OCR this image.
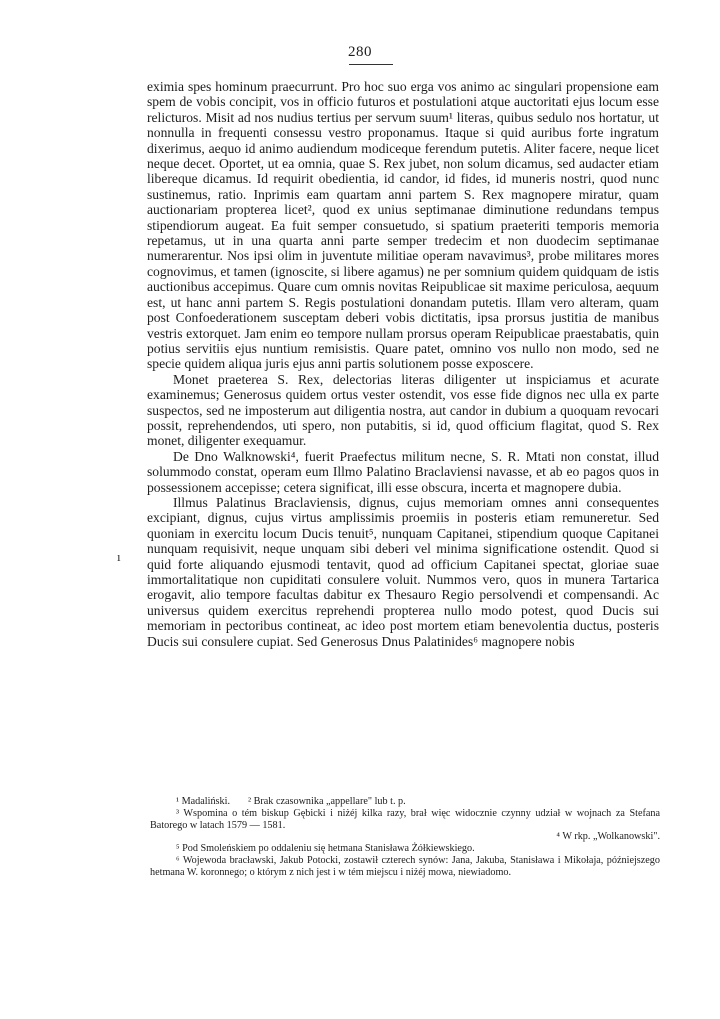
280
ı

eximia spes hominum praecurrunt. Pro hoc suo erga vos animo ac singulari propensione eam spem de vobis concipit, vos in officio futuros et postulationi atque auctoritati ejus locum esse relicturos. Misit ad nos nudius tertius per servum suum¹ literas, quibus sedulo nos hortatur, ut nonnulla in frequenti consessu vestro proponamus. Itaque si quid auribus forte ingratum dixerimus, aequo id animo audiendum modiceque ferendum putetis. Aliter facere, neque licet neque decet. Oportet, ut ea omnia, quae S. Rex jubet, non solum dicamus, sed audacter etiam libereque dicamus. Id requirit obedientia, id candor, id fides, id muneris nostri, quod nunc sustinemus, ratio. Inprimis eam quartam anni partem S. Rex magnopere miratur, quam auctionariam propterea licet², quod ex unius septimanae diminutione redundans tempus stipendiorum augeat. Ea fuit semper consuetudo, si spatium praeteriti temporis memoria repetamus, ut in una quarta anni parte semper tredecim et non duodecim septimanae numerarentur. Nos ipsi olim in juventute militiae operam navavimus³, probe militares mores cognovimus, et tamen (ignoscite, si libere agamus) ne per somnium quidem quidquam de istis auctionibus accepimus. Quare cum omnis novitas Reipublicae sit maxime periculosa, aequum est, ut hanc anni partem S. Regis postulationi donandam putetis. Illam vero alteram, quam post Confoederationem susceptam deberi vobis dictitatis, ipsa prorsus justitia de manibus vestris extorquet. Jam enim eo tempore nullam prorsus operam Reipublicae praestabatis, quin potius servitiis ejus nuntium remisistis. Quare patet, omnino vos nullo non modo, sed ne specie quidem aliqua juris ejus anni partis solutionem posse exposcere.

Monet praeterea S. Rex, delectorias literas diligenter ut inspiciamus et acurate examinemus; Generosus quidem ortus vester ostendit, vos esse fide dignos nec ulla ex parte suspectos, sed ne imposterum aut diligentia nostra, aut candor in dubium a quoquam revocari possit, reprehendendos, uti spero, non putabitis, si id, quod officium flagitat, quod S. Rex monet, diligenter exequamur.

De Dno Walknowski⁴, fuerit Praefectus militum necne, S. R. Mtati non constat, illud solummodo constat, operam eum Illmo Palatino Braclaviensi navasse, et ab eo pagos quos in possessionem accepisse; cetera significat, illi esse obscura, incerta et magnopere dubia.

Illmus Palatinus Braclaviensis, dignus, cujus memoriam omnes anni consequentes excipiant, dignus, cujus virtus amplissimis proemiis in posteris etiam remuneretur. Sed quoniam in exercitu locum Ducis tenuit⁵, nunquam Capitanei, stipendium quoque Capitanei nunquam requisivit, neque unquam sibi deberi vel minima significatione ostendit. Quod si quid forte aliquando ejusmodi tentavit, quod ad officium Capitanei spectat, gloriae suae immortalitatique non cupiditati consulere voluit. Nummos vero, quos in munera Tartarica erogavit, alio tempore facultas dabitur ex Thesauro Regio persolvendi et compensandi. Ac universus quidem exercitus reprehendi propterea nullo modo potest, quod Ducis sui memoriam in pectoribus contineat, ac ideo post mortem etiam benevolentia ductus, posteris Ducis sui consulere cupiat. Sed Generosus Dnus Palatinides⁶ magnopere nobis

¹ Madaliński. ² Brak czasownika „appellare" lub t. p.

³ Wspomina o tém biskup Gębicki i niżéj kilka razy, brał więc widocznie czynny udział w wojnach za Stefana Batorego w latach 1579 — 1581.

⁴ W rkp. „Wolkanowski".

⁵ Pod Smoleńskiem po oddaleniu się hetmana Stanisława Żółkiewskiego.

⁶ Wojewoda bracławski, Jakub Potocki, zostawił czterech synów: Jana, Jakuba, Stanisława i Mikołaja, późniejszego hetmana W. koronnego; o którym z nich jest i w tém miejscu i niżéj mowa, niewiadomo.
